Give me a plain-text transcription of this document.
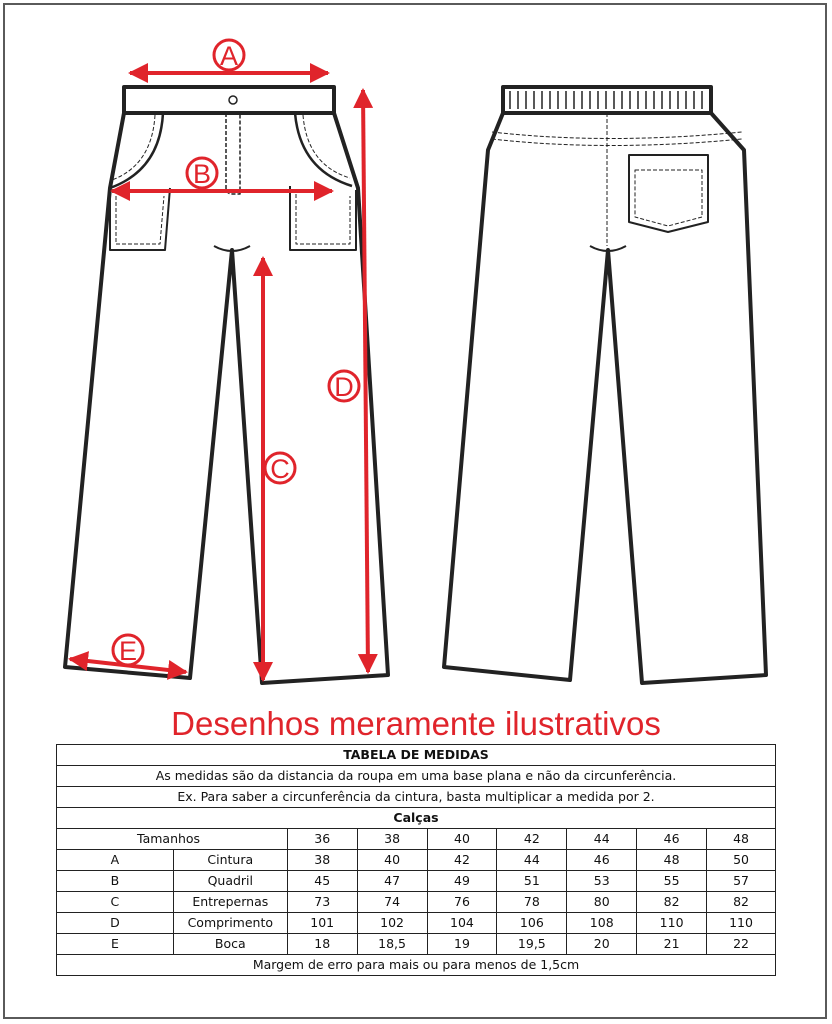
A
B
C
D
E
Desenhos meramente ilustrativos
TABELA DE MEDIDAS								
As medidas são da distancia da roupa em uma base plana e não da circunferência.								
Ex. Para saber a circunferência da cintura, basta multiplicar a medida por 2.								
Calças								
Tamanhos		36	38	40	42	44	46	48
A	Cintura	38	40	42	44	46	48	50
B	Quadril	45	47	49	51	53	55	57
C	Entrepernas	73	74	76	78	80	82	82
D	Comprimento	101	102	104	106	108	110	110
E	Boca	18	18,5	19	19,5	20	21	22
Margem de erro para mais ou para menos de 1,5cm								
